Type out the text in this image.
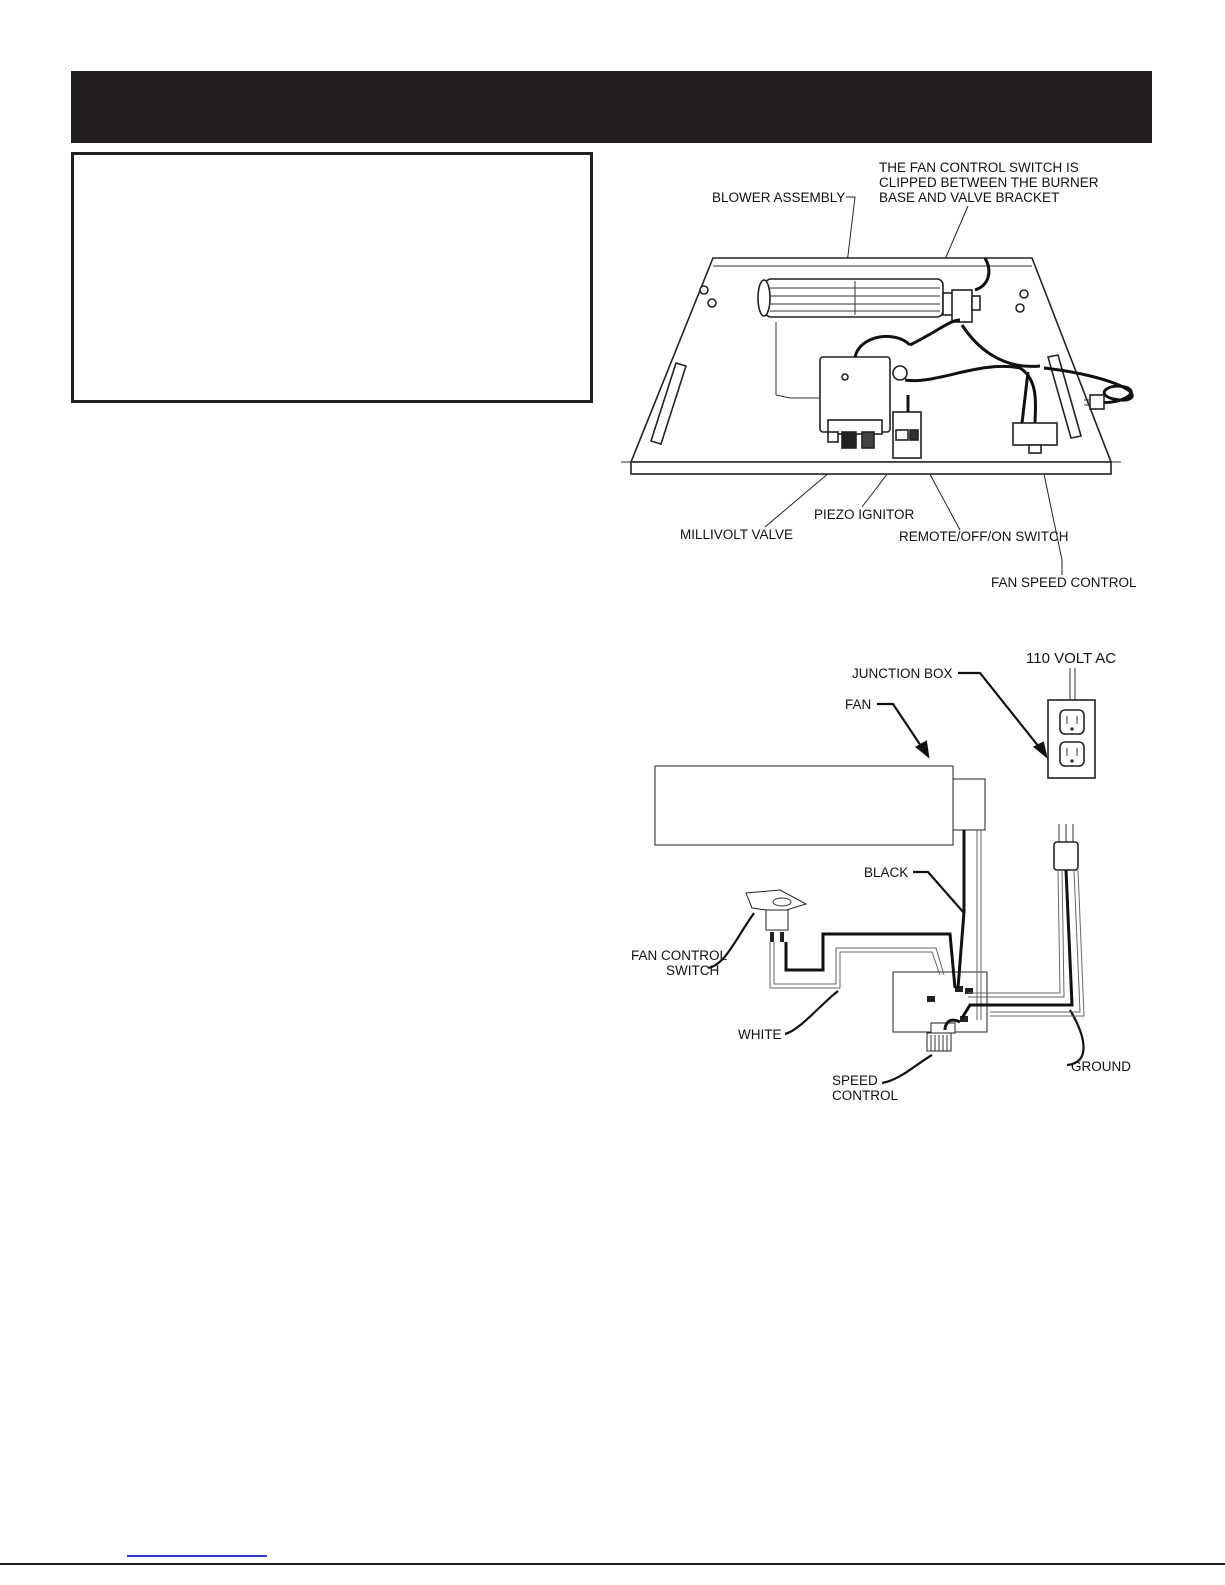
THE FAN CONTROL SWITCH IS
CLIPPED BETWEEN THE BURNER
BASE AND VALVE BRACKET
BLOWER ASSEMBLY
PIEZO IGNITOR
MILLIVOLT VALVE	REMOTE/OFF/ON SWITCH
FAN SPEED CONTROL
110 VOLT AC
JUNCTION BOX
FAN
BLACK
FAN CONTROL
SWITCH
WHITE
SPEED
CONTROL
GROUND
